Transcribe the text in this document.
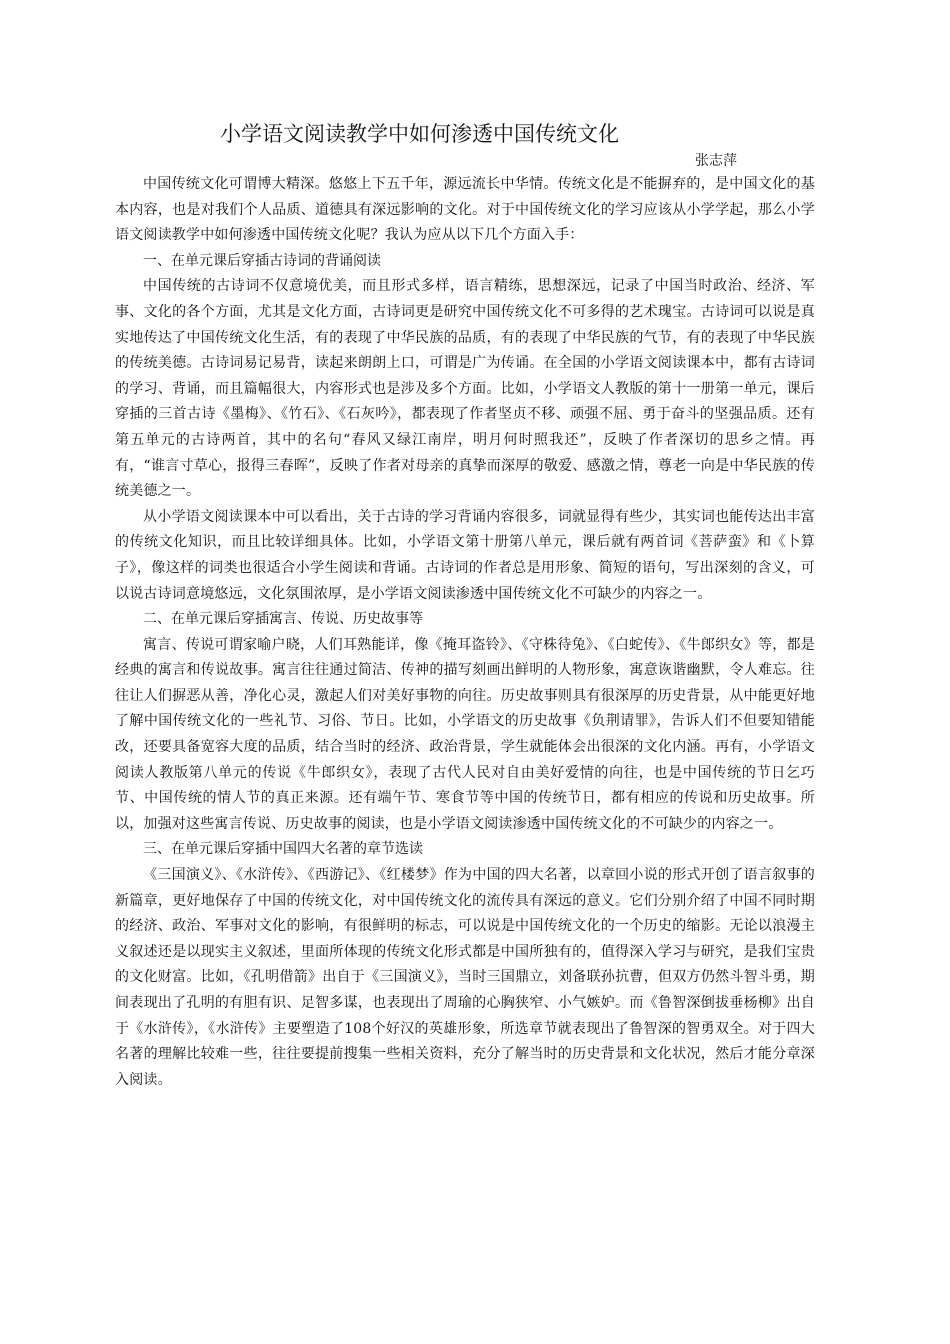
小学语文阅读教学中如何渗透中国传统文化

张志萍

中国传统文化可谓博大精深。悠悠上下五千年，源远流长中华情。传统文化是不能摒弃的，是中国文化的基本内容，也是对我们个人品质、道德具有深远影响的文化。对于中国传统文化的学习应该从小学学起，那么小学语文阅读教学中如何渗透中国传统文化呢？我认为应从以下几个方面入手：

一、在单元课后穿插古诗词的背诵阅读

中国传统的古诗词不仅意境优美，而且形式多样，语言精练，思想深远，记录了中国当时政治、经济、军事、文化的各个方面，尤其是文化方面，古诗词更是研究中国传统文化不可多得的艺术瑰宝。古诗词可以说是真实地传达了中国传统文化生活，有的表现了中华民族的品质，有的表现了中华民族的气节，有的表现了中华民族的传统美德。古诗词易记易背，读起来朗朗上口，可谓是广为传诵。在全国的小学语文阅读课本中，都有古诗词的学习、背诵，而且篇幅很大，内容形式也是涉及多个方面。比如，小学语文人教版的第十一册第一单元，课后穿插的三首古诗《墨梅》、《竹石》、《石灰吟》，都表现了作者坚贞不移、顽强不屈、勇于奋斗的坚强品质。还有第五单元的古诗两首，其中的名句“春风又绿江南岸，明月何时照我还”，反映了作者深切的思乡之情。再有，“谁言寸草心，报得三春晖”，反映了作者对母亲的真挚而深厚的敬爱、感激之情，尊老一向是中华民族的传统美德之一。

从小学语文阅读课本中可以看出，关于古诗的学习背诵内容很多，词就显得有些少，其实词也能传达出丰富的传统文化知识，而且比较详细具体。比如，小学语文第十册第八单元，课后就有两首词《菩萨蛮》和《卜算子》，像这样的词类也很适合小学生阅读和背诵。古诗词的作者总是用形象、简短的语句，写出深刻的含义，可以说古诗词意境悠远，文化氛围浓厚，是小学语文阅读渗透中国传统文化不可缺少的内容之一。

二、在单元课后穿插寓言、传说、历史故事等

寓言、传说可谓家喻户晓，人们耳熟能详，像《掩耳盗铃》、《守株待兔》、《白蛇传》、《牛郎织女》等，都是经典的寓言和传说故事。寓言往往通过简洁、传神的描写刻画出鲜明的人物形象，寓意诙谐幽默，令人难忘。往往让人们摒恶从善，净化心灵，激起人们对美好事物的向往。历史故事则具有很深厚的历史背景，从中能更好地了解中国传统文化的一些礼节、习俗、节日。比如，小学语文的历史故事《负荆请罪》，告诉人们不但要知错能改，还要具备宽容大度的品质，结合当时的经济、政治背景，学生就能体会出很深的文化内涵。再有，小学语文阅读人教版第八单元的传说《牛郎织女》，表现了古代人民对自由美好爱情的向往，也是中国传统的节日乞巧节、中国传统的情人节的真正来源。还有端午节、寒食节等中国的传统节日，都有相应的传说和历史故事。所以，加强对这些寓言传说、历史故事的阅读，也是小学语文阅读渗透中国传统文化的不可缺少的内容之一。

三、在单元课后穿插中国四大名著的章节选读

《三国演义》、《水浒传》、《西游记》、《红楼梦》作为中国的四大名著，以章回小说的形式开创了语言叙事的新篇章，更好地保存了中国的传统文化，对中国传统文化的流传具有深远的意义。它们分别介绍了中国不同时期的经济、政治、军事对文化的影响，有很鲜明的标志，可以说是中国传统文化的一个历史的缩影。无论以浪漫主义叙述还是以现实主义叙述，里面所体现的传统文化形式都是中国所独有的，值得深入学习与研究，是我们宝贵的文化财富。比如，《孔明借箭》出自于《三国演义》，当时三国鼎立，刘备联孙抗曹，但双方仍然斗智斗勇，期间表现出了孔明的有胆有识、足智多谋，也表现出了周瑜的心胸狭窄、小气嫉妒。而《鲁智深倒拔垂杨柳》出自于《水浒传》，《水浒传》主要塑造了108个好汉的英雄形象，所选章节就表现出了鲁智深的智勇双全。对于四大名著的理解比较难一些，往往要提前搜集一些相关资料，充分了解当时的历史背景和文化状况，然后才能分章深入阅读。
